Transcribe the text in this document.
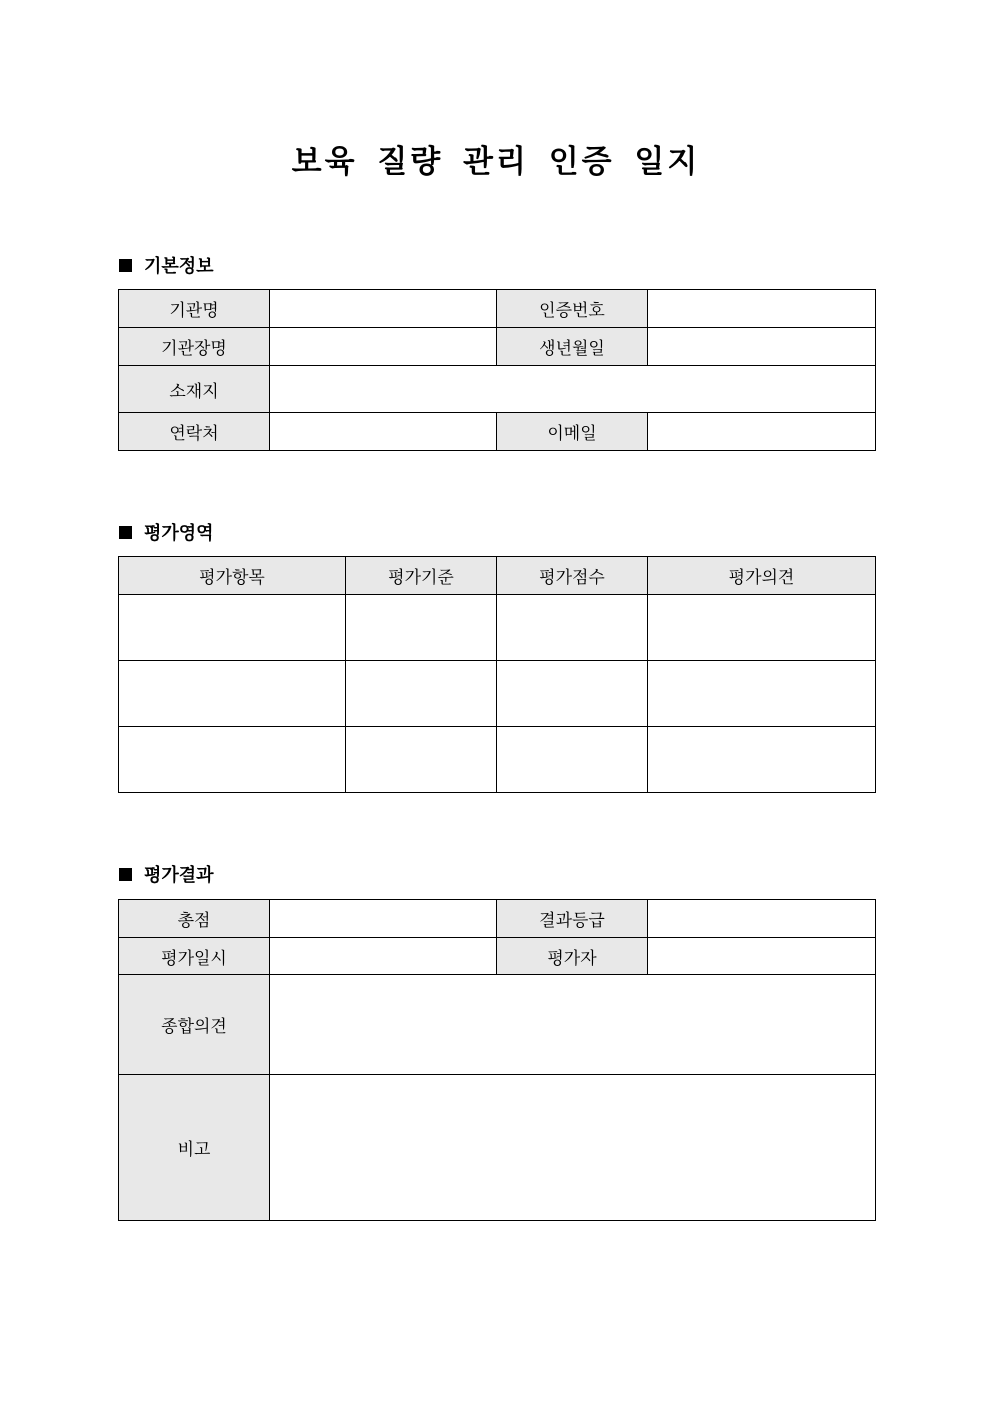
보육 질량 관리 인증 일지
기본정보
기관명		인증번호	
기관장명		생년월일	
소재지			
연락처		이메일	
평가영역
평가항목	평가기준	평가점수	평가의견

평가결과
총점		결과등급	
평가일시		평가자	
종합의견			
비고			
